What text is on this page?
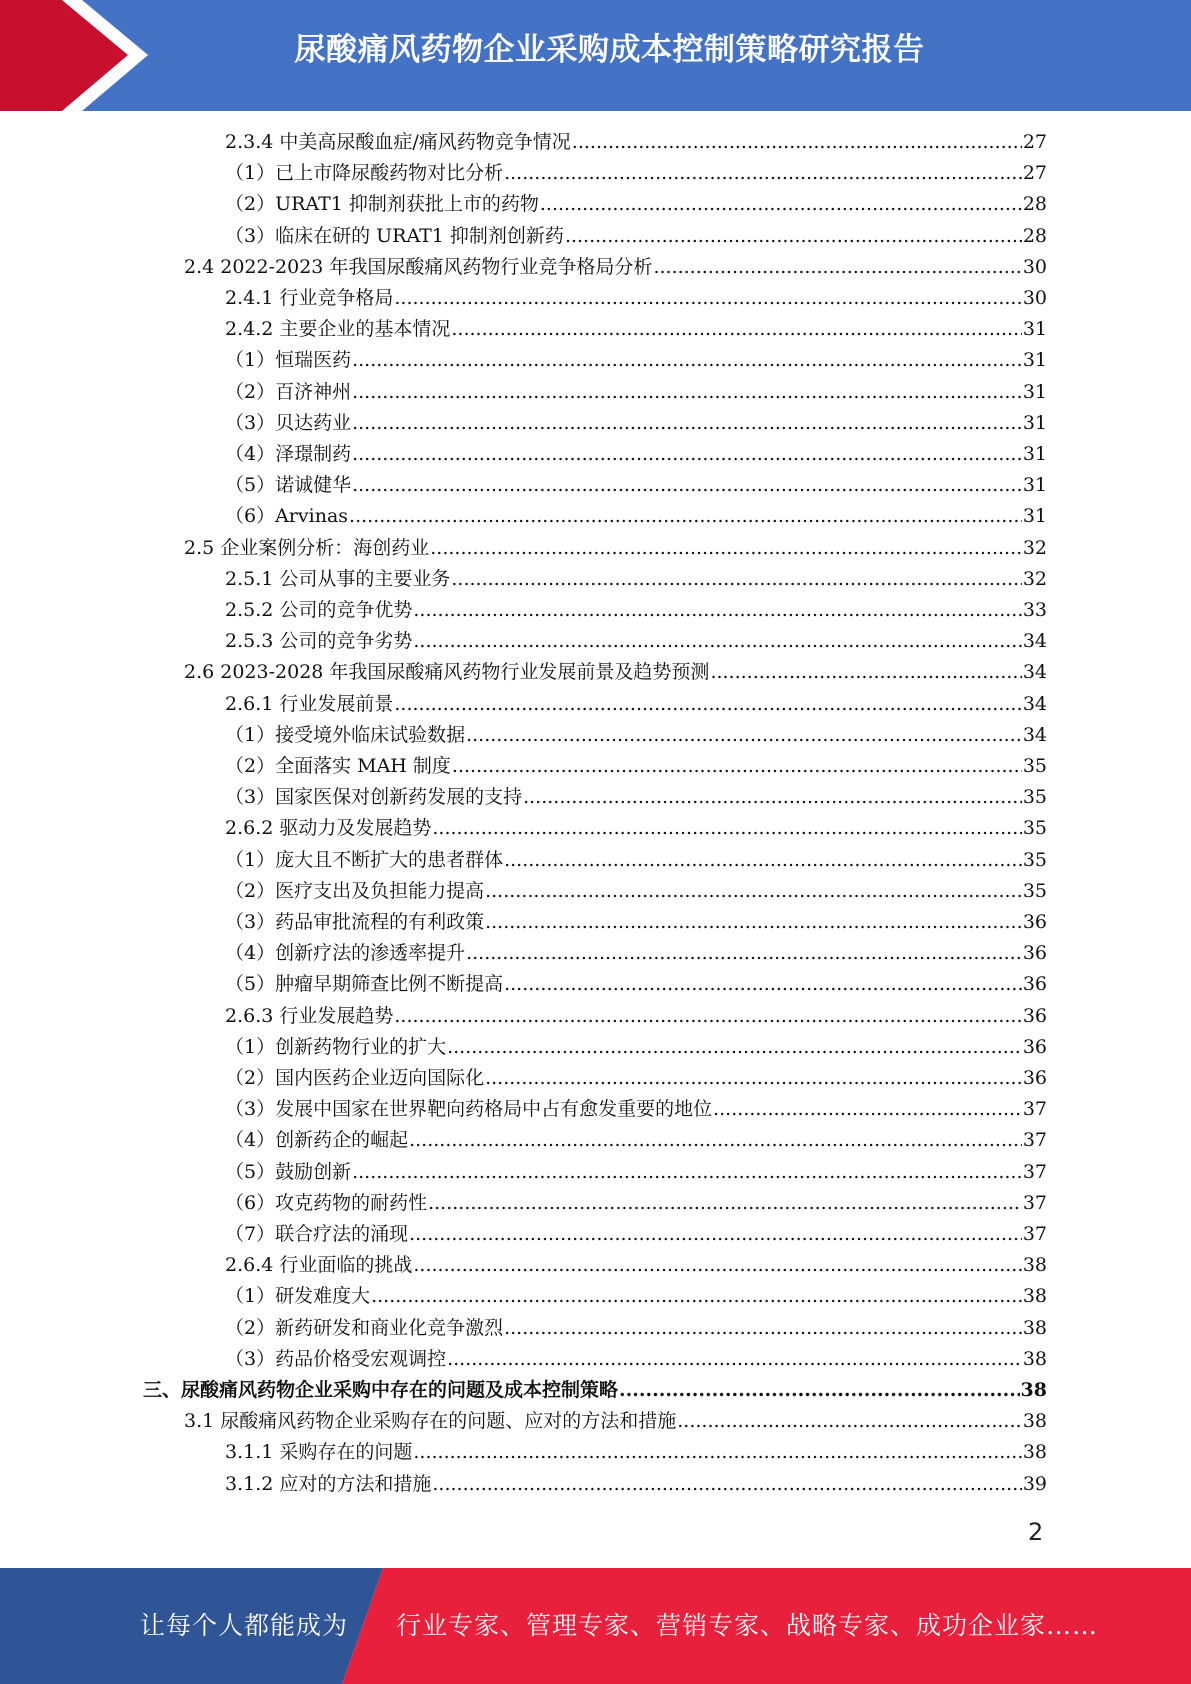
尿酸痛风药物企业采购成本控制策略研究报告
2.3.4 中美高尿酸血症/痛风药物竞争情况 .....	27
（1）已上市降尿酸药物对比分析 .....	27
（2）URAT1 抑制剂获批上市的药物 .....	28
（3）临床在研的 URAT1 抑制剂创新药 .....	28
2.4 2022-2023 年我国尿酸痛风药物行业竞争格局分析 .....	30
2.4.1 行业竞争格局 .....	30
2.4.2 主要企业的基本情况 .....	31
（1）恒瑞医药 .....	31
（2）百济神州 .....	31
（3）贝达药业 .....	31
（4）泽璟制药 .....	31
（5）诺诚健华 .....	31
（6）Arvinas .....	31
2.5 企业案例分析：海创药业 .....	32
2.5.1 公司从事的主要业务 .....	32
2.5.2 公司的竞争优势 .....	33
2.5.3 公司的竞争劣势 .....	34
2.6 2023-2028 年我国尿酸痛风药物行业发展前景及趋势预测 .....	34
2.6.1 行业发展前景 .....	34
（1）接受境外临床试验数据 .....	34
（2）全面落实 MAH 制度 .....	35
（3）国家医保对创新药发展的支持 .....	35
2.6.2 驱动力及发展趋势 .....	35
（1）庞大且不断扩大的患者群体 .....	35
（2）医疗支出及负担能力提高 .....	35
（3）药品审批流程的有利政策 .....	36
（4）创新疗法的渗透率提升 .....	36
（5）肿瘤早期筛查比例不断提高 .....	36
2.6.3 行业发展趋势 .....	36
（1）创新药物行业的扩大 .....	36
（2）国内医药企业迈向国际化 .....	36
（3）发展中国家在世界靶向药格局中占有愈发重要的地位 .....	37
（4）创新药企的崛起 .....	37
（5）鼓励创新 .....	37
（6）攻克药物的耐药性 .....	37
（7）联合疗法的涌现 .....	37
2.6.4 行业面临的挑战 .....	38
（1）研发难度大 .....	38
（2）新药研发和商业化竞争激烈 .....	38
（3）药品价格受宏观调控 .....	38
三、尿酸痛风药物企业采购中存在的问题及成本控制策略 .....	38
3.1 尿酸痛风药物企业采购存在的问题、应对的方法和措施 .....	38
3.1.1 采购存在的问题 .....	38
3.1.2 应对的方法和措施 .....	39
2
让每个人都能成为 行业专家、管理专家、营销专家、战略专家、成功企业家……
